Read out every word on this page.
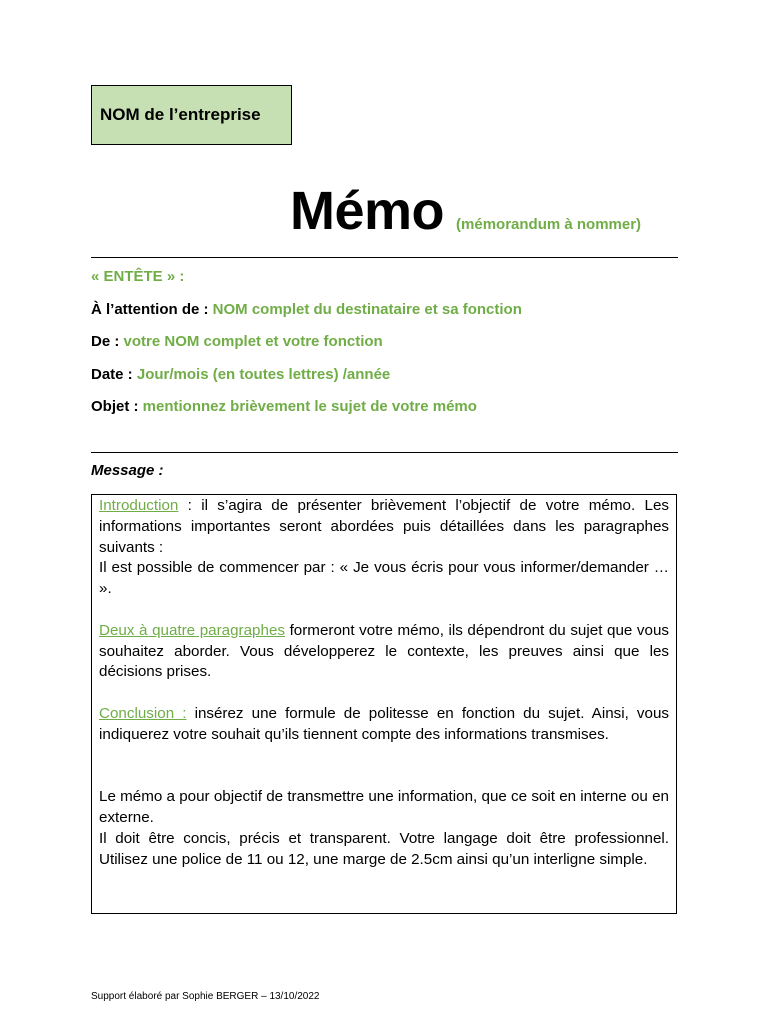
NOM de l’entreprise
Mémo (mémorandum à nommer)
« ENTÊTE » :
À l’attention de : NOM complet du destinataire et sa fonction
De : votre NOM complet et votre fonction
Date : Jour/mois (en toutes lettres) /année
Objet : mentionnez brièvement le sujet de votre mémo
Message :

Introduction : il s’agira de présenter brièvement l’objectif de votre mémo. Les informations importantes seront abordées puis détaillées dans les paragraphes suivants :

Il est possible de commencer par : « Je vous écris pour vous informer/demander … ».

Deux à quatre paragraphes formeront votre mémo, ils dépendront du sujet que vous souhaitez aborder. Vous développerez le contexte, les preuves ainsi que les décisions prises.

Conclusion : insérez une formule de politesse en fonction du sujet. Ainsi, vous indiquerez votre souhait qu’ils tiennent compte des informations transmises.

Le mémo a pour objectif de transmettre une information, que ce soit en interne ou en externe.

Il doit être concis, précis et transparent. Votre langage doit être professionnel. Utilisez une police de 11 ou 12, une marge de 2.5cm ainsi qu’un interligne simple.

Support élaboré par Sophie BERGER – 13/10/2022
